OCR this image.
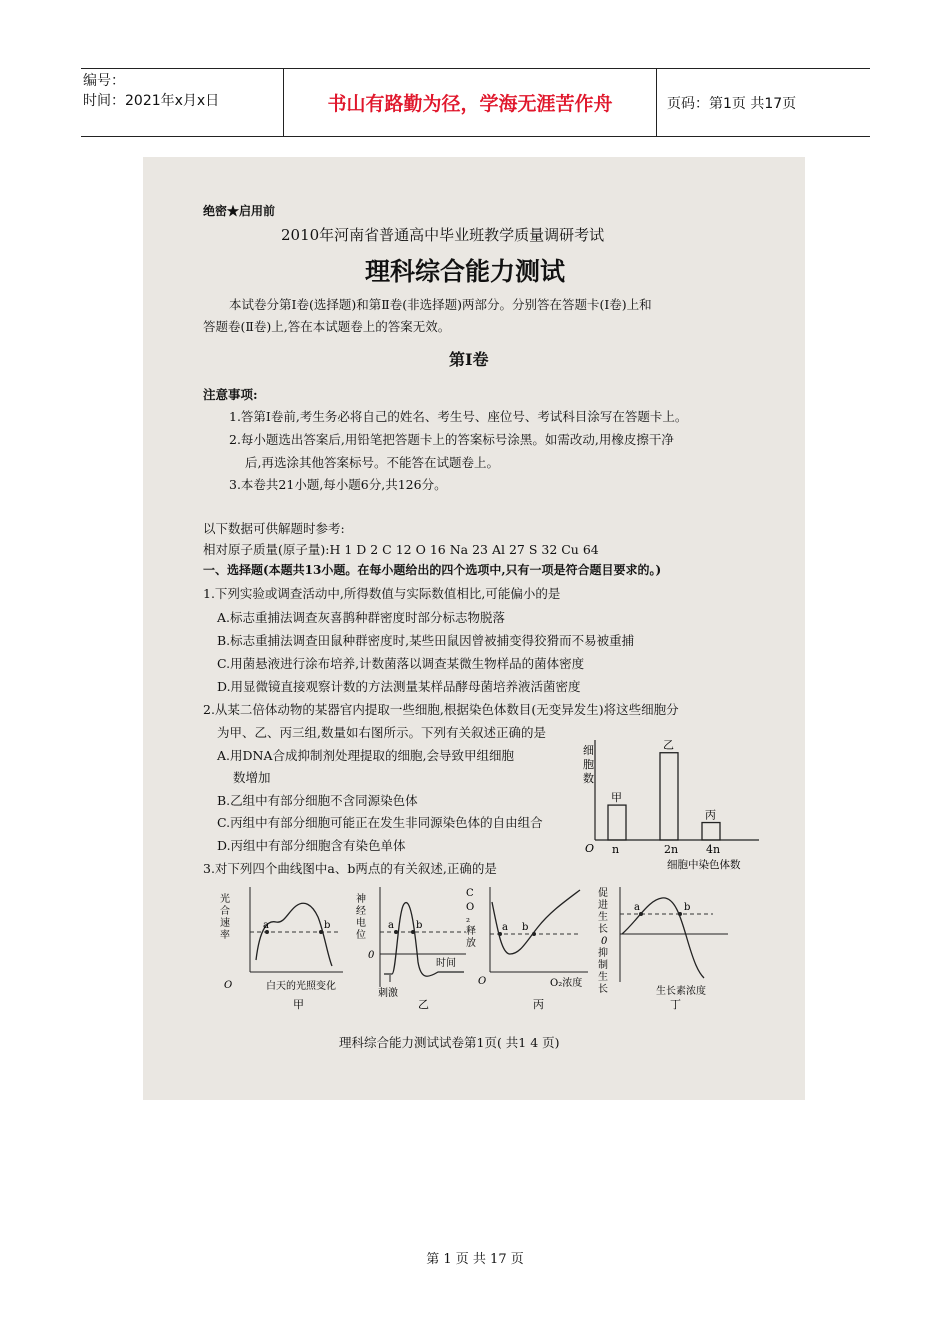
编号：
时间：2021年x月x日	书山有路勤为径，学海无涯苦作舟	页码：第1页 共17页
绝密★启用前
2010年河南省普通高中毕业班教学质量调研考试
理科综合能力测试
本试卷分第Ⅰ卷(选择题)和第Ⅱ卷(非选择题)两部分。分别答在答题卡(Ⅰ卷)上和
答题卷(Ⅱ卷)上,答在本试题卷上的答案无效。
第Ⅰ卷
注意事项:
1.答第Ⅰ卷前,考生务必将自己的姓名、考生号、座位号、考试科目涂写在答题卡上。
2.每小题选出答案后,用铅笔把答题卡上的答案标号涂黑。如需改动,用橡皮擦干净
后,再选涂其他答案标号。不能答在试题卷上。
3.本卷共21小题,每小题6分,共126分。
以下数据可供解题时参考:
相对原子质量(原子量):H 1 D 2 C 12 O 16 Na 23 Al 27 S 32 Cu 64
一、选择题(本题共13小题。在每小题给出的四个选项中,只有一项是符合题目要求的。)
1.下列实验或调查活动中,所得数值与实际数值相比,可能偏小的是
A.标志重捕法调查灰喜鹊种群密度时部分标志物脱落
B.标志重捕法调查田鼠种群密度时,某些田鼠因曾被捕变得狡猾而不易被重捕
C.用菌悬液进行涂布培养,计数菌落以调查某微生物样品的菌体密度
D.用显微镜直接观察计数的方法测量某样品酵母菌培养液活菌密度
2.从某二倍体动物的某器官内提取一些细胞,根据染色体数目(无变异发生)将这些细胞分
为甲、乙、丙三组,数量如右图所示。下列有关叙述正确的是
A.用DNA合成抑制剂处理提取的细胞,会导致甲组细胞
数增加
B.乙组中有部分细胞不含同源染色体
C.丙组中有部分细胞可能正在发生非同源染色体的自由组合
D.丙组中有部分细胞含有染色单体
3.对下列四个曲线图中a、b两点的有关叙述,正确的是
细
胞
数
O
甲
n
乙
2n
丙
4n
细胞中染色体数
光
合
速
率
O
a	b
白天的光照变化
甲
神
经
电
位
0
a b
时间
刺激
乙
C
O
₂
释
放
O
a b
O₂浓度
丙
促
进
生
长
0
抑
制
生
长
a	b
生长素浓度
丁
理科综合能力测试试卷第1页( 共1 4 页)
第 1 页 共 17 页
